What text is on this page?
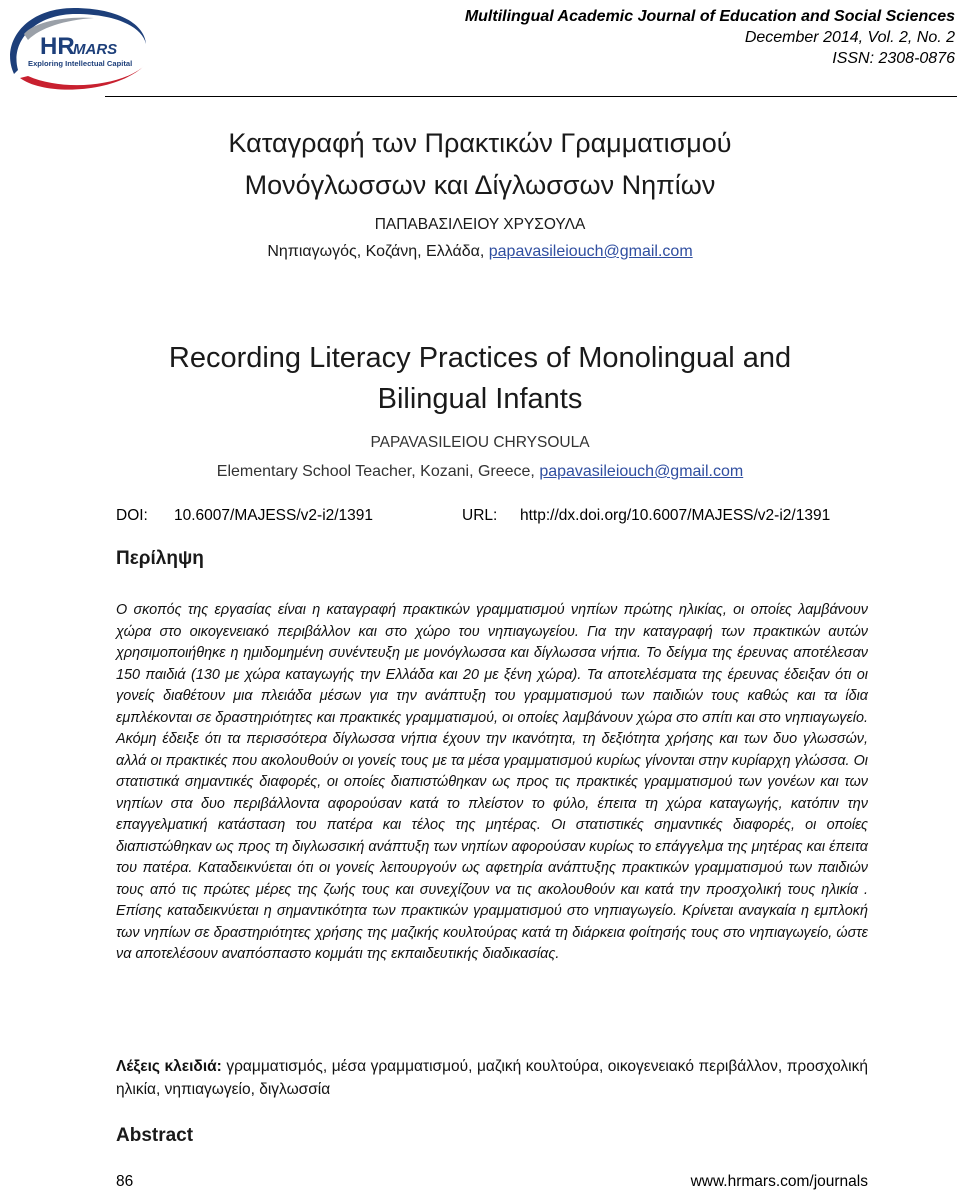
HR
MARS
Exploring Intellectual Capital
Multilingual Academic Journal of Education and Social Sciences
December 2014, Vol. 2, No. 2
ISSN: 2308-0876
Καταγραφή των Πρακτικών Γραμματισμού
Μονόγλωσσων και Δίγλωσσων Νηπίων
ΠΑΠΑΒΑΣΙΛΕΙΟΥ ΧΡΥΣΟΥΛΑ
Νηπιαγωγός, Κοζάνη, Ελλάδα, papavasileiouch@gmail.com
Recording Literacy Practices of Monolingual and
Bilingual Infants
PAPAVASILEIOU CHRYSOULA
Elementary School Teacher, Kozani, Greece, papavasileiouch@gmail.com
DOI: 10.6007/MAJESS/v2-i2/1391	URL: http://dx.doi.org/10.6007/MAJESS/v2-i2/1391
Περίληψη
Ο σκοπός της εργασίας είναι η καταγραφή πρακτικών γραμματισμού νηπίων πρώτης ηλικίας, οι οποίες λαμβάνουν χώρα στο οικογενειακό περιβάλλον και στο χώρο του νηπιαγωγείου. Για την καταγραφή των πρακτικών αυτών χρησιμοποιήθηκε η ημιδομημένη συνέντευξη με μονόγλωσσα και δίγλωσσα νήπια. Το δείγμα της έρευνας αποτέλεσαν 150 παιδιά (130 με χώρα καταγωγής την Ελλάδα και 20 με ξένη χώρα). Τα αποτελέσματα της έρευνας έδειξαν ότι οι γονείς διαθέτουν μια πλειάδα μέσων για την ανάπτυξη του γραμματισμού των παιδιών τους καθώς και τα ίδια εμπλέκονται σε δραστηριότητες και πρακτικές γραμματισμού, οι οποίες λαμβάνουν χώρα στο σπίτι και στο νηπιαγωγείο. Ακόμη έδειξε ότι τα περισσότερα δίγλωσσα νήπια έχουν την ικανότητα, τη δεξιότητα χρήσης και των δυο γλωσσών, αλλά οι πρακτικές που ακολουθούν οι γονείς τους με τα μέσα γραμματισμού κυρίως γίνονται στην κυρίαρχη γλώσσα. Οι στατιστικά σημαντικές διαφορές, οι οποίες διαπιστώθηκαν ως προς τις πρακτικές γραμματισμού των γονέων και των νηπίων στα δυο περιβάλλοντα αφορούσαν κατά το πλείστον το φύλο, έπειτα τη χώρα καταγωγής, κατόπιν την επαγγελματική κατάσταση του πατέρα και τέλος της μητέρας. Οι στατιστικές σημαντικές διαφορές, οι οποίες διαπιστώθηκαν ως προς τη διγλωσσική ανάπτυξη των νηπίων αφορούσαν κυρίως το επάγγελμα της μητέρας και έπειτα του πατέρα. Καταδεικνύεται ότι οι γονείς λειτουργούν ως αφετηρία ανάπτυξης πρακτικών γραμματισμού των παιδιών τους από τις πρώτες μέρες της ζωής τους και συνεχίζουν να τις ακολουθούν και κατά την προσχολική τους ηλικία . Επίσης καταδεικνύεται η σημαντικότητα των πρακτικών γραμματισμού στο νηπιαγωγείο. Κρίνεται αναγκαία η εμπλοκή των νηπίων σε δραστηριότητες χρήσης της μαζικής κουλτούρας κατά τη διάρκεια φοίτησής τους στο νηπιαγωγείο, ώστε να αποτελέσουν αναπόσπαστο κομμάτι της εκπαιδευτικής διαδικασίας.
Λέξεις κλειδιά: γραμματισμός, μέσα γραμματισμού, μαζική κουλτούρα, οικογενειακό περιβάλλον, προσχολική ηλικία, νηπιαγωγείο, διγλωσσία
Abstract
86	www.hrmars.com/journals
